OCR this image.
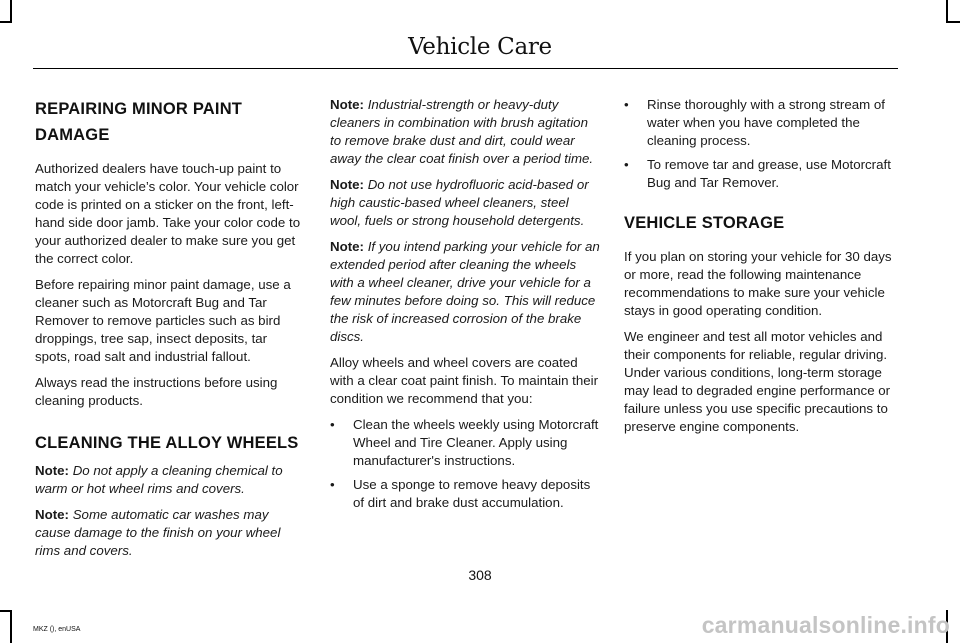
Vehicle Care
REPAIRING MINOR PAINT
DAMAGE

Authorized dealers have touch-up paint to match your vehicle’s color. Your vehicle color code is printed on a sticker on the front, left-hand side door jamb. Take your color code to your authorized dealer to make sure you get the correct color.

Before repairing minor paint damage, use a cleaner such as Motorcraft Bug and Tar Remover to remove particles such as bird droppings, tree sap, insect deposits, tar spots, road salt and industrial fallout.

Always read the instructions before using cleaning products.

CLEANING THE ALLOY WHEELS

Note: Do not apply a cleaning chemical to warm or hot wheel rims and covers.

Note: Some automatic car washes may cause damage to the finish on your wheel rims and covers.

Note: Industrial-strength or heavy-duty cleaners in combination with brush agitation to remove brake dust and dirt, could wear away the clear coat finish over a period time.

Note: Do not use hydrofluoric acid-based or high caustic-based wheel cleaners, steel wool, fuels or strong household detergents.

Note: If you intend parking your vehicle for an extended period after cleaning the wheels with a wheel cleaner, drive your vehicle for a few minutes before doing so. This will reduce the risk of increased corrosion of the brake discs.

Alloy wheels and wheel covers are coated with a clear coat paint finish. To maintain their condition we recommend that you:

• Clean the wheels weekly using Motorcraft Wheel and Tire Cleaner. Apply using manufacturer's instructions.
• Use a sponge to remove heavy deposits of dirt and brake dust accumulation.
• Rinse thoroughly with a strong stream of water when you have completed the cleaning process.
• To remove tar and grease, use Motorcraft Bug and Tar Remover.
VEHICLE STORAGE

If you plan on storing your vehicle for 30 days or more, read the following maintenance recommendations to make sure your vehicle stays in good operating condition.

We engineer and test all motor vehicles and their components for reliable, regular driving. Under various conditions, long-term storage may lead to degraded engine performance or failure unless you use specific precautions to preserve engine components.

308
MKZ (), enUSA	carmanualsonline.info
